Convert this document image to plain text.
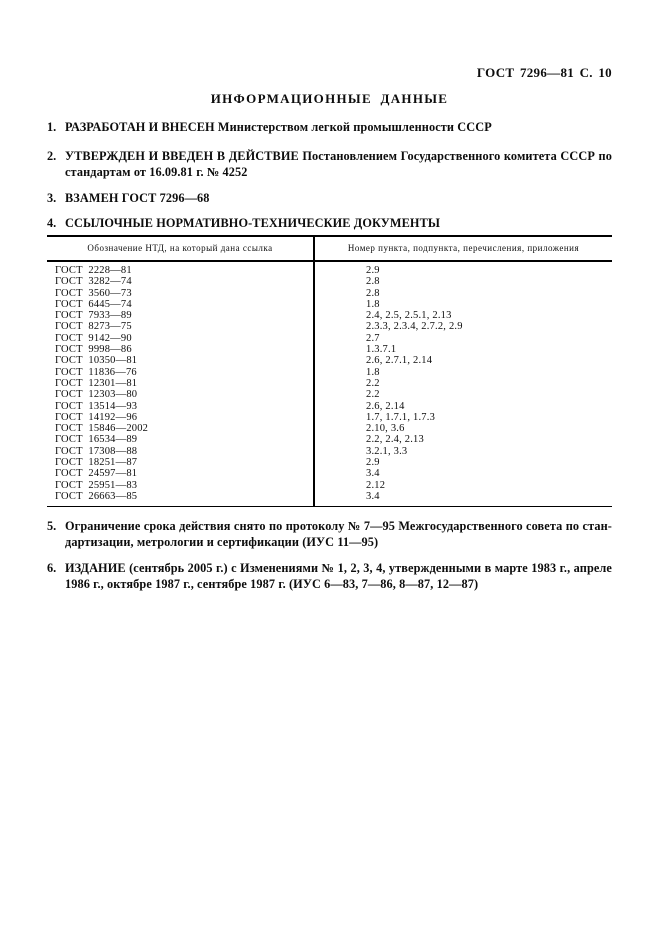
ГОСТ 7296—81 С. 10
ИНФОРМАЦИОННЫЕ ДАННЫЕ
1. РАЗРАБОТАН И ВНЕСЕН Министерством легкой промышленности СССР
2. УТВЕРЖДЕН И ВВЕДЕН В ДЕЙСТВИЕ Постановлением Государственного комитета СССР по
стандартам от 16.09.81 г. № 4252
3. ВЗАМЕН ГОСТ 7296—68
4. ССЫЛОЧНЫЕ НОРМАТИВНО-ТЕХНИЧЕСКИЕ ДОКУМЕНТЫ
Обозначение НТД, на который дана ссылка	Номер пункта, подпункта, перечисления, приложения
ГОСТ  2228—81	2.9
ГОСТ  3282—74	2.8
ГОСТ  3560—73	2.8
ГОСТ  6445—74	1.8
ГОСТ  7933—89	2.4, 2.5, 2.5.1, 2.13
ГОСТ  8273—75	2.3.3, 2.3.4, 2.7.2, 2.9
ГОСТ  9142—90	2.7
ГОСТ  9998—86	1.3.7.1
ГОСТ  10350—81	2.6, 2.7.1, 2.14
ГОСТ  11836—76	1.8
ГОСТ  12301—81	2.2
ГОСТ  12303—80	2.2
ГОСТ  13514—93	2.6, 2.14
ГОСТ  14192—96	1.7, 1.7.1, 1.7.3
ГОСТ  15846—2002	2.10, 3.6
ГОСТ  16534—89	2.2, 2.4, 2.13
ГОСТ  17308—88	3.2.1, 3.3
ГОСТ  18251—87	2.9
ГОСТ  24597—81	3.4
ГОСТ  25951—83	2.12
ГОСТ  26663—85	3.4
5. Ограничение срока действия снято по протоколу № 7—95 Межгосударственного совета по стан-
дартизации, метрологии и сертификации (ИУС 11—95)
6. ИЗДАНИЕ (сентябрь 2005 г.) с Изменениями № 1, 2, 3, 4, утвержденными в марте 1983 г., апреле
1986 г., октябре 1987 г., сентябре 1987 г. (ИУС 6—83, 7—86, 8—87, 12—87)
